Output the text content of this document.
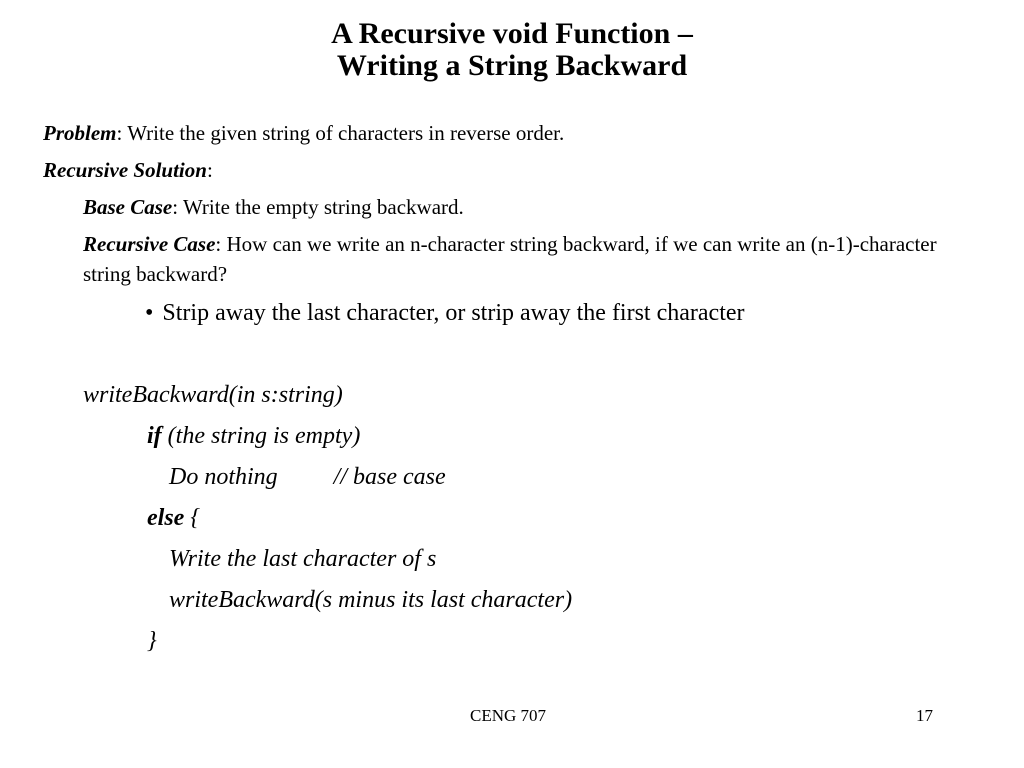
A Recursive void Function –
Writing a String Backward
Problem: Write the given string of characters in reverse order.
Recursive Solution:
Base Case: Write the empty string backward.
Recursive Case: How can we write an n-character string backward, if we can write an (n-1)-character string backward?
• Strip away the last character, or strip away the first character
writeBackward(in s:string)
if (the string is empty)
Do nothing // base case
else {
Write the last character of s
writeBackward(s minus its last character)
}
CENG 707	17
